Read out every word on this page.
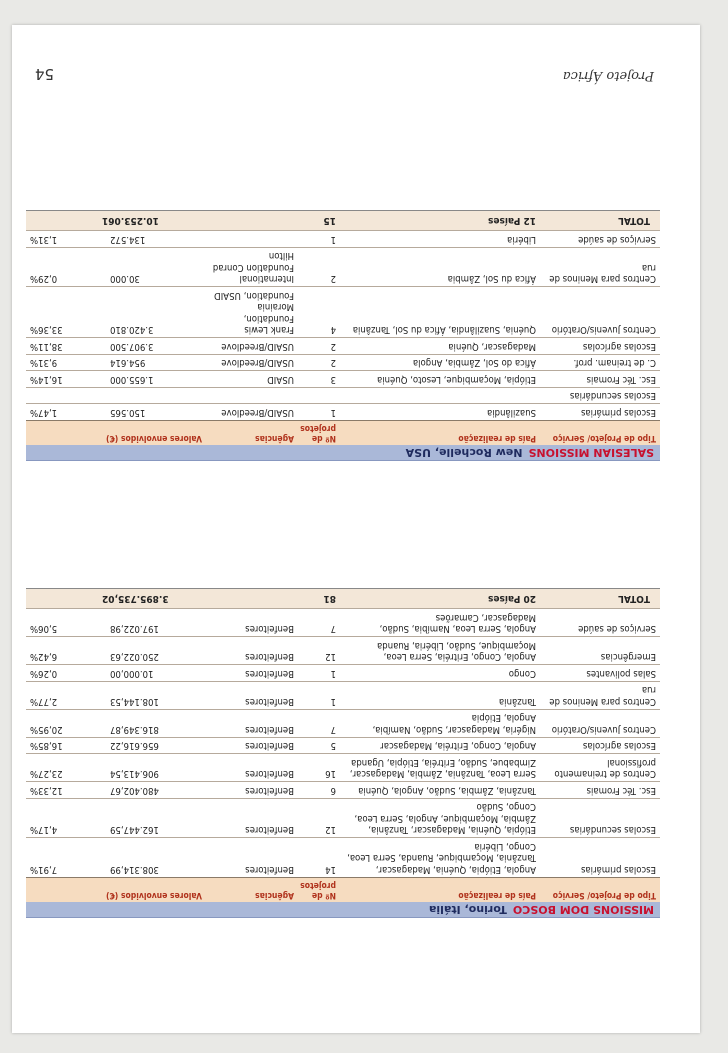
MISSIONS DOM BOSCOTorino, Itália
Tipo de Projeto/ Serviço	País de realização	Nº de projetos	Agências	Valores envolvidos (€)	
Escolas primárias	Angola, Etiópia, Quénia, Madagascar, Tanzânia, Moçambique, Ruanda, Serra Leoa, Congo, Libéria	14	Benfeitores	308.314,99	7,91%
Escolas secundárias	Etiópia, Quénia, Madagascar, Tanzânia, Zâmbia, Moçambique, Angola, Serra Leoa, Congo, Sudão	12	Benfeitores	162.447,59	4,17%
Esc. Téc Fromais	Tanzânia, Zâmbia, Sudão, Angola, Quénia	6	Benfeitores	480.402,67	12,33%
Centros de treinamento profissional	Serra Leoa, Tanzânia, Zâmbia, Madagascar, Zimbabue, Sudão, Eritréia, Etiópia, Uganda	16	Benfeitores	906.413,54	23,27%
Escolas agrícolas	Angola, Congo, Eritréia, Madagascar	5	Benfeitores	656.616,22	16,85%
Centros Juvenis/Oratório	Nigéria, Madagascar, Sudão, Namíbia, Angola, Etiópia	7	Benfeitores	816.349,87	20,95%
Centros para Meninos de rua	Tanzânia	1	Benfeitores	108.144,53	2,77%
Salas polivantes	Congo	1	Benfeitores	10.000,00	0,26%
Emergências	Angola, Congo, Eritréia, Serra Leoa, Moçambique, Sudão, Libéria, Ruanda	12	Benfeitores	250.022,63	6,42%
Serviços de saúde	Angola, Serra Leoa, Namíbia, Sudão, Madagascar, Camarões	7	Benfeitores	197.022,98	5,06%
TOTAL	20 Países	81		3.895.735,02	
SALESIAN MISSIONSNew Rochelle, USA
Tipo de Projeto/ Serviço	País de realização	Nº de projetos	Agências	Valores envolvidos (€)	
Escolas primárias	Suazilândia	1	USAID/Breedlove	150.565	1,47%
Escolas secundárias					
Esc. Téc Fromais	Etiópia, Moçambique, Lesoto, Quénia	3	USAID	1.655.000	16,14%
C. de treinam. prof.	Áfica do Sol, Zâmbia, Angola	2	USAID/Breedlove	954.614	9,31%
Escolas agrícolas	Madagascar, Quénia	2	USAID/Breedlove	3.907.500	38,11%
Centros Juvenis/Oratório	Quénia, Suazilândia, Áfica du Sol, Tanzânia	4	Frank Lewis Foundation, Morainia Foundation, USAID	3.420.810	33,36%
Centros para Meninos de rua	Áfica du Sol, Zâmbia	2	International Foundation Conrad Hilton	30.000	0,29%
Serviços de saúde	Libéria	1		134.572	1,31%
TOTAL	12 Países	15		10.253.061	
54	Projeto África
